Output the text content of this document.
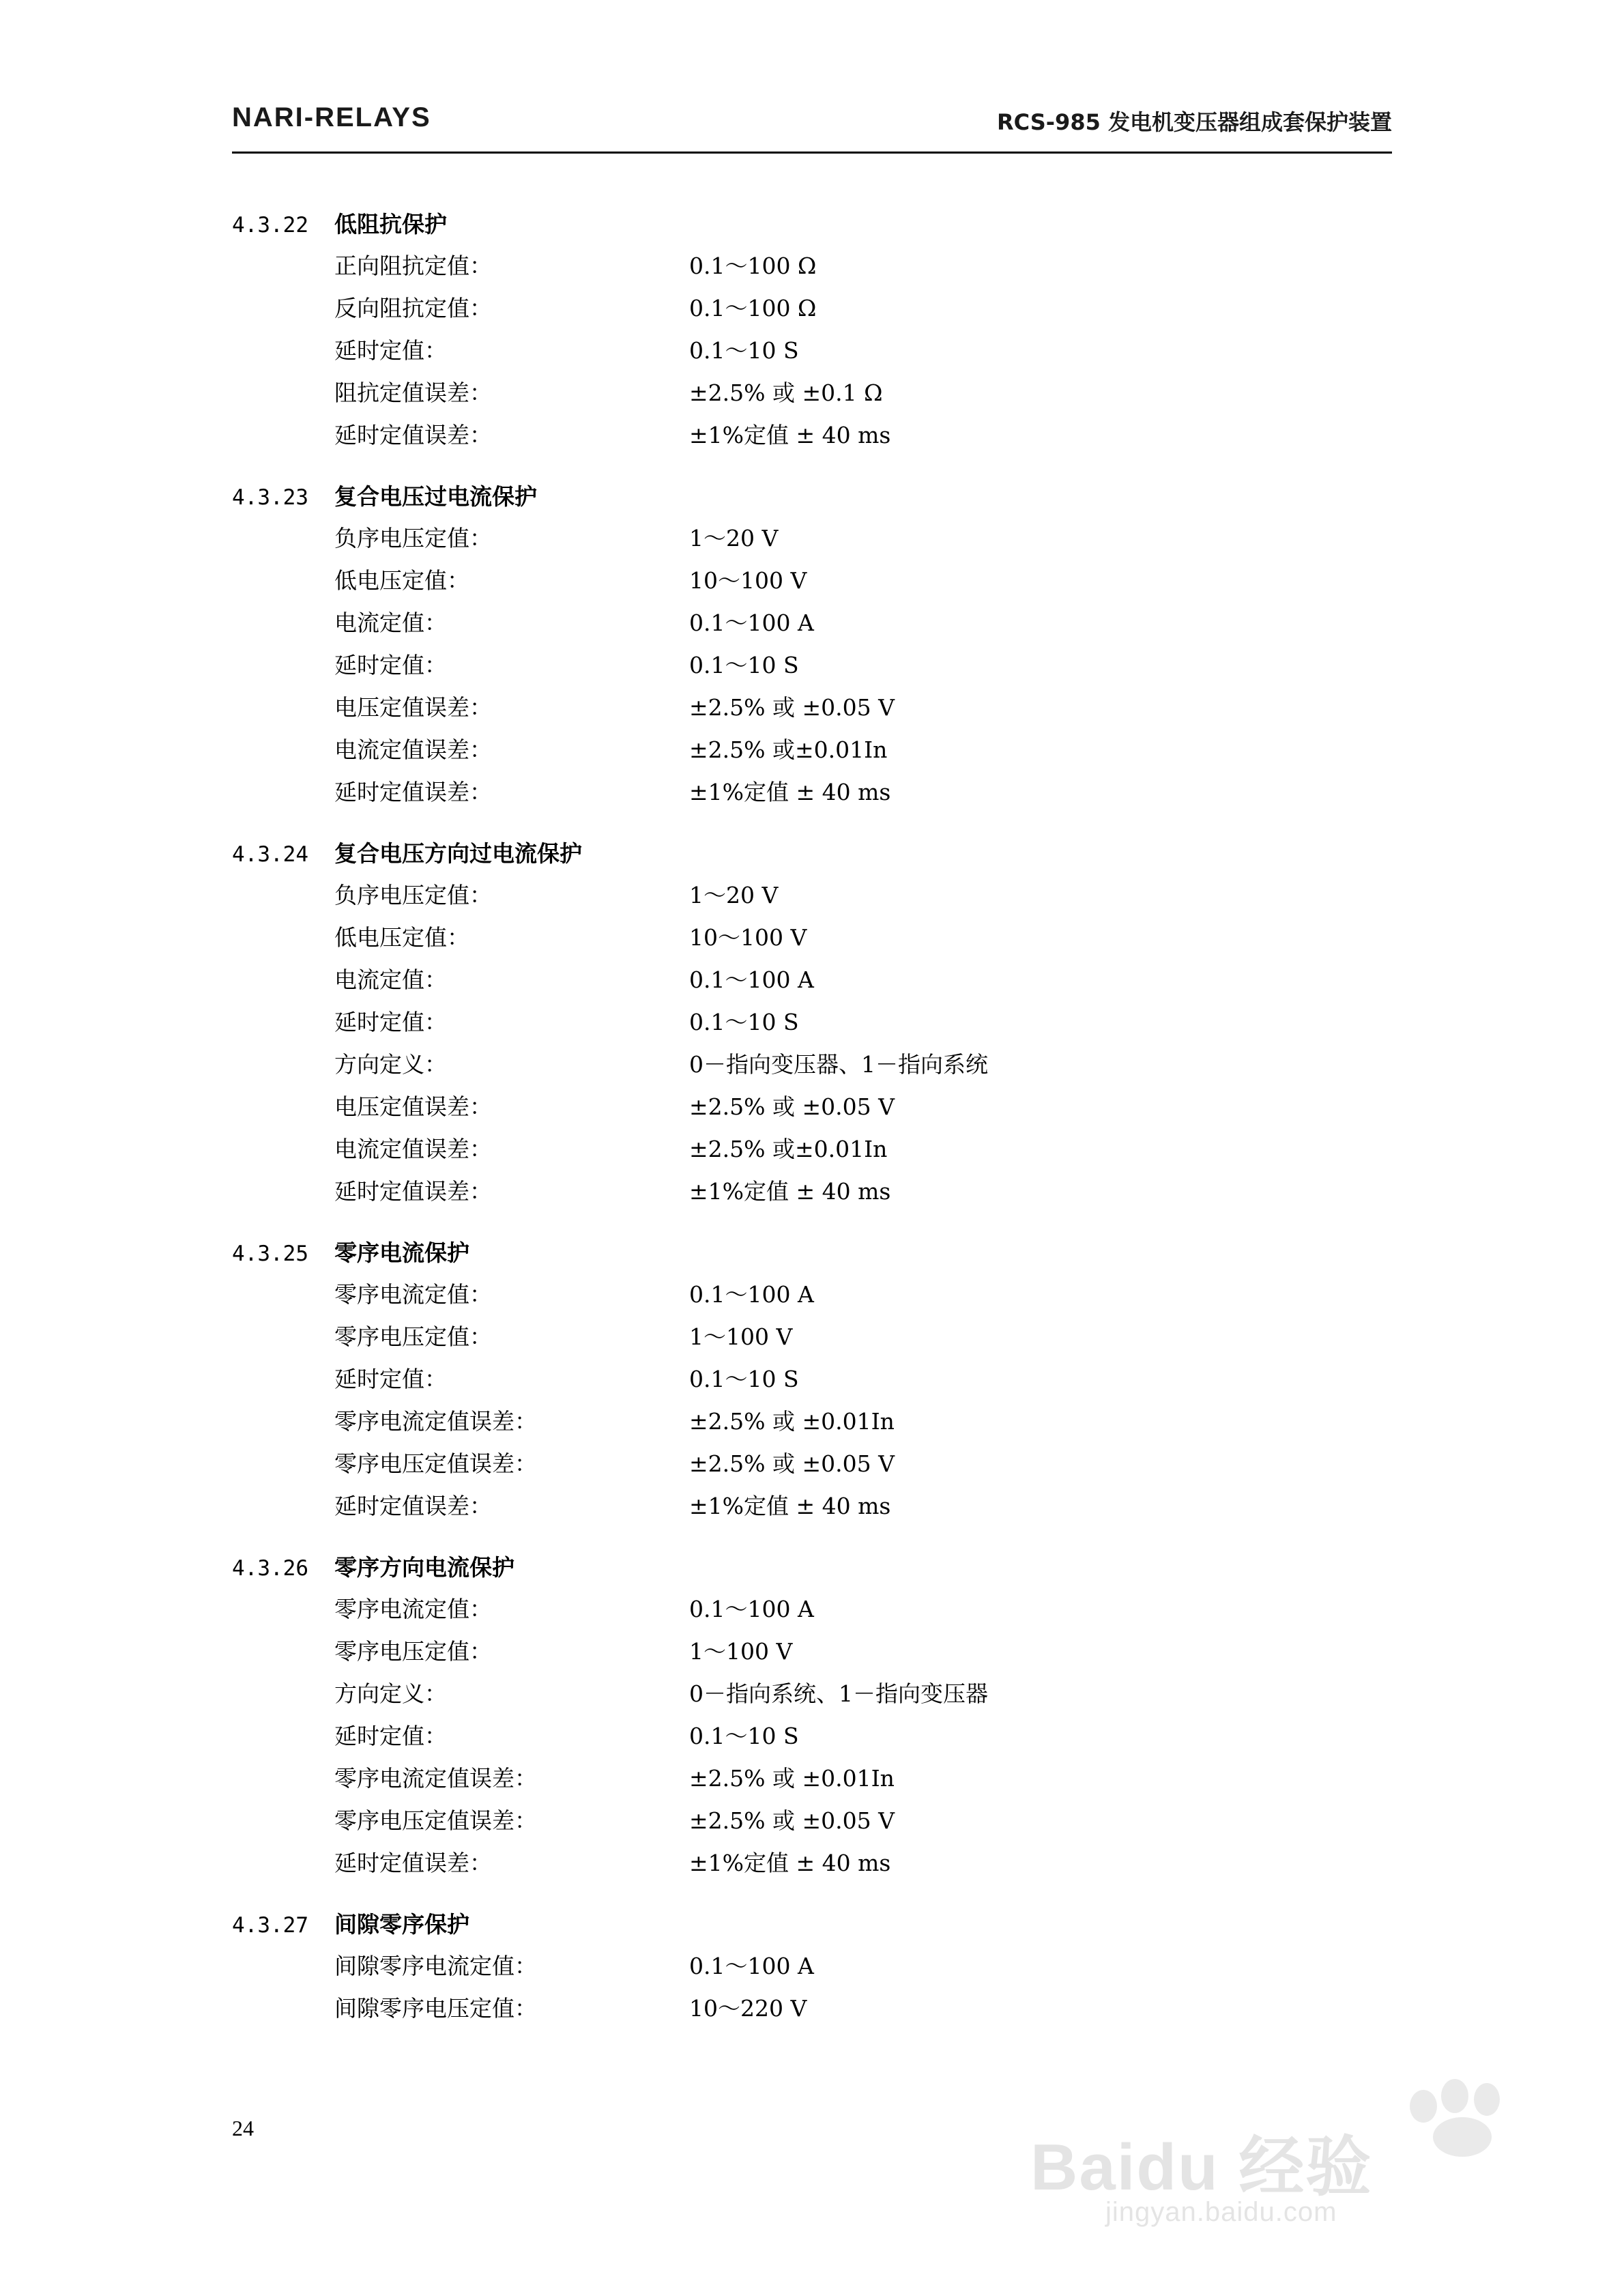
NARI-RELAYS	RCS-985 发电机变压器组成套保护装置
4.3.22	低阻抗保护
正向阻抗定值：	0.1～100 Ω
反向阻抗定值：	0.1～100 Ω
延时定值：	0.1～10 S
阻抗定值误差：	±2.5% 或 ±0.1 Ω
延时定值误差：	±1%定值 ± 40 ms
4.3.23	复合电压过电流保护
负序电压定值：	1～20 V
低电压定值：	10～100 V
电流定值：	0.1～100 A
延时定值：	0.1～10 S
电压定值误差：	±2.5% 或 ±0.05 V
电流定值误差：	±2.5% 或±0.01In
延时定值误差：	±1%定值 ± 40 ms
4.3.24	复合电压方向过电流保护
负序电压定值：	1～20 V
低电压定值：	10～100 V
电流定值：	0.1～100 A
延时定值：	0.1～10 S
方向定义：	0－指向变压器、1－指向系统
电压定值误差：	±2.5% 或 ±0.05 V
电流定值误差：	±2.5% 或±0.01In
延时定值误差：	±1%定值 ± 40 ms
4.3.25	零序电流保护
零序电流定值：	0.1～100 A
零序电压定值：	1～100 V
延时定值：	0.1～10 S
零序电流定值误差：	±2.5% 或 ±0.01In
零序电压定值误差：	±2.5% 或 ±0.05 V
延时定值误差：	±1%定值 ± 40 ms
4.3.26	零序方向电流保护
零序电流定值：	0.1～100 A
零序电压定值：	1～100 V
方向定义：	0－指向系统、1－指向变压器
延时定值：	0.1～10 S
零序电流定值误差：	±2.5% 或 ±0.01In
零序电压定值误差：	±2.5% 或 ±0.05 V
延时定值误差：	±1%定值 ± 40 ms
4.3.27	间隙零序保护
间隙零序电流定值：	0.1～100 A
间隙零序电压定值：	10～220 V
24
Baidu 经验
jingyan.baidu.com
